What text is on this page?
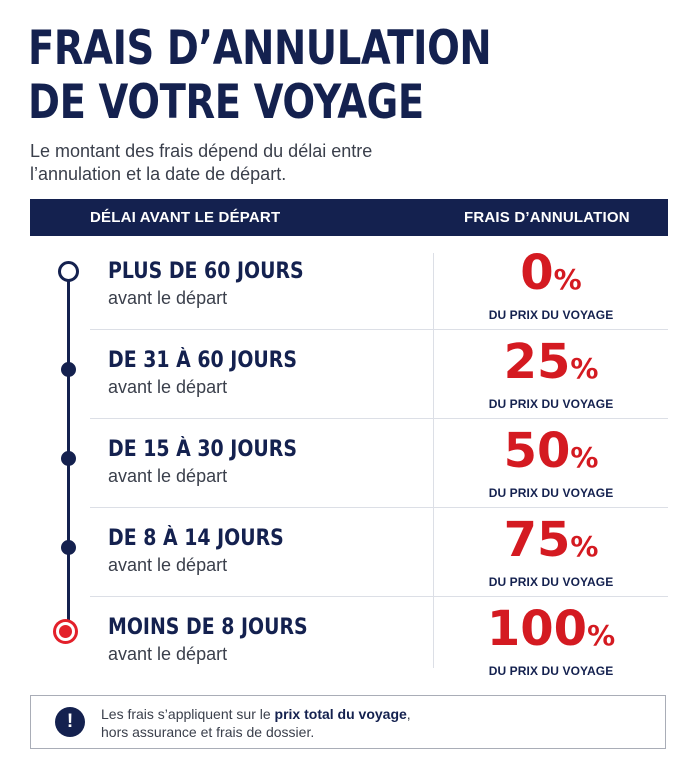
FRAIS D’ANNULATION
DE VOTRE VOYAGE

Le montant des frais dépend du délai entre
l’annulation et la date de départ.

DÉLAI AVANT LE DÉPART	FRAIS D’ANNULATION
PLUS DE 60 JOURS
avant le départ	0%
DU PRIX DU VOYAGE
DE 31 À 60 JOURS
avant le départ	25%
DU PRIX DU VOYAGE
DE 15 À 30 JOURS
avant le départ	50%
DU PRIX DU VOYAGE
DE 8 À 14 JOURS
avant le départ	75%
DU PRIX DU VOYAGE
MOINS DE 8 JOURS
avant le départ	100%
DU PRIX DU VOYAGE
!	Les frais s’appliquent sur le prix total du voyage,
hors assurance et frais de dossier.
